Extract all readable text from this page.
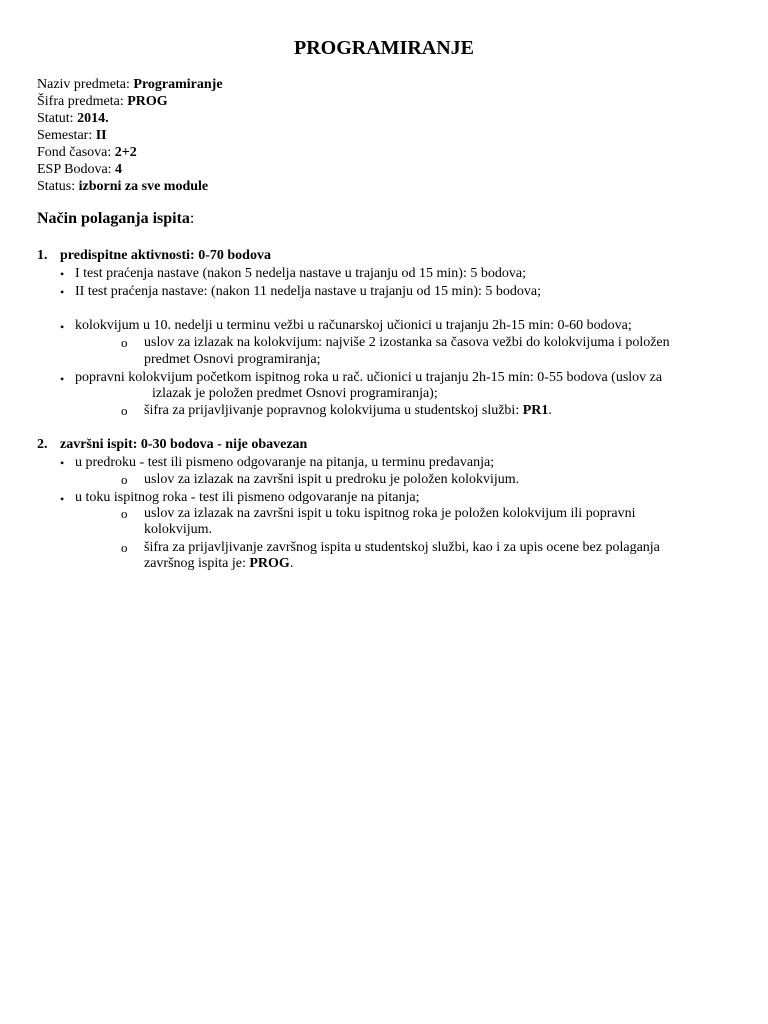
PROGRAMIRANJE
Naziv predmeta: Programiranje
Šifra predmeta: PROG
Statut: 2014.
Semestar: II
Fond časova: 2+2
ESP Bodova: 4
Status: izborni za sve module
Način polaganja ispita:
1. predispitne aktivnosti: 0-70 bodova
• I test praćenja nastave (nakon 5 nedelja nastave u trajanju od 15 min): 5 bodova;
• II test praćenja nastave: (nakon 11 nedelja nastave u trajanju od 15 min): 5 bodova;
• kolokvijum u 10. nedelji u terminu vežbi u računarskoj učionici u trajanju 2h-15 min: 0-60 bodova;
o uslov za izlazak na kolokvijum: najviše 2 izostanka sa časova vežbi do kolokvijuma i položen
predmet Osnovi programiranja;
• popravni kolokvijum početkom ispitnog roka u rač. učionici u trajanju 2h-15 min: 0-55 bodova (uslov za
izlazak je položen predmet Osnovi programiranja);
o šifra za prijavljivanje popravnog kolokvijuma u studentskoj službi: PR1.
2. završni ispit: 0-30 bodova - nije obavezan
• u predroku - test ili pismeno odgovaranje na pitanja, u terminu predavanja;
o uslov za izlazak na završni ispit u predroku je položen kolokvijum.
• u toku ispitnog roka - test ili pismeno odgovaranje na pitanja;
o uslov za izlazak na završni ispit u toku ispitnog roka je položen kolokvijum ili popravni
kolokvijum.
o šifra za prijavljivanje završnog ispita u studentskoj službi, kao i za upis ocene bez polaganja
završnog ispita je: PROG.
